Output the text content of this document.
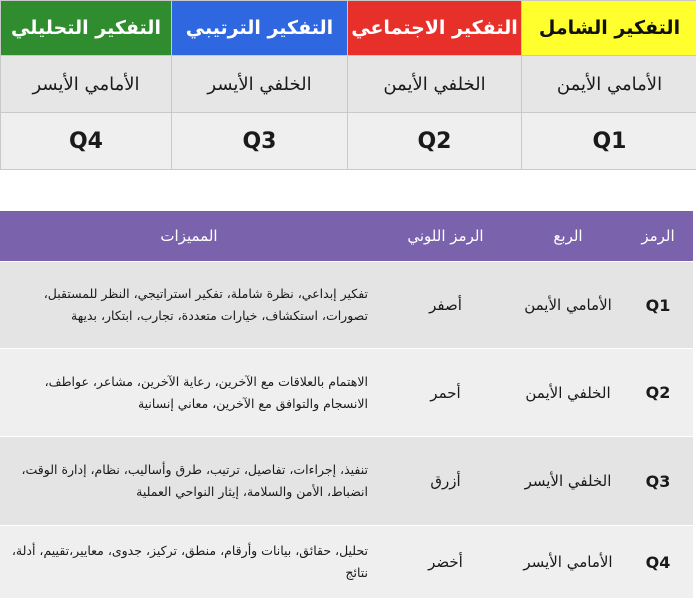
التفكير الشامل	التفكير الاجتماعي	التفكير الترتيبي	التفكير التحليلي
الأمامي الأيمن	الخلفي الأيمن	الخلفي الأيسر	الأمامي الأيسر
Q1	Q2	Q3	Q4
الرمز	الربع	الرمز اللوني	المميزات
Q1	الأمامي الأيمن	أصفر	تفكير إبداعي، نظرة شاملة، تفكير استراتيجي، النظر للمستقبل، تصورات، استكشاف، خيارات متعددة، تجارب، ابتكار، بديهة
Q2	الخلفي الأيمن	أحمر	الاهتمام بالعلاقات مع الآخرين، رعاية الآخرين، مشاعر، عواطف، الانسجام والتوافق مع الآخرين، معاني إنسانية
Q3	الخلفي الأيسر	أزرق	تنفيذ، إجراءات، تفاصيل، ترتيب، طرق وأساليب، نظام، إدارة الوقت، انضباط، الأمن والسلامة، إيثار النواحي العملية
Q4	الأمامي الأيسر	أخضر	تحليل، حقائق، بيانات وأرقام، منطق، تركيز، جدوى، معايير،تقييم، أدلة، نتائج
